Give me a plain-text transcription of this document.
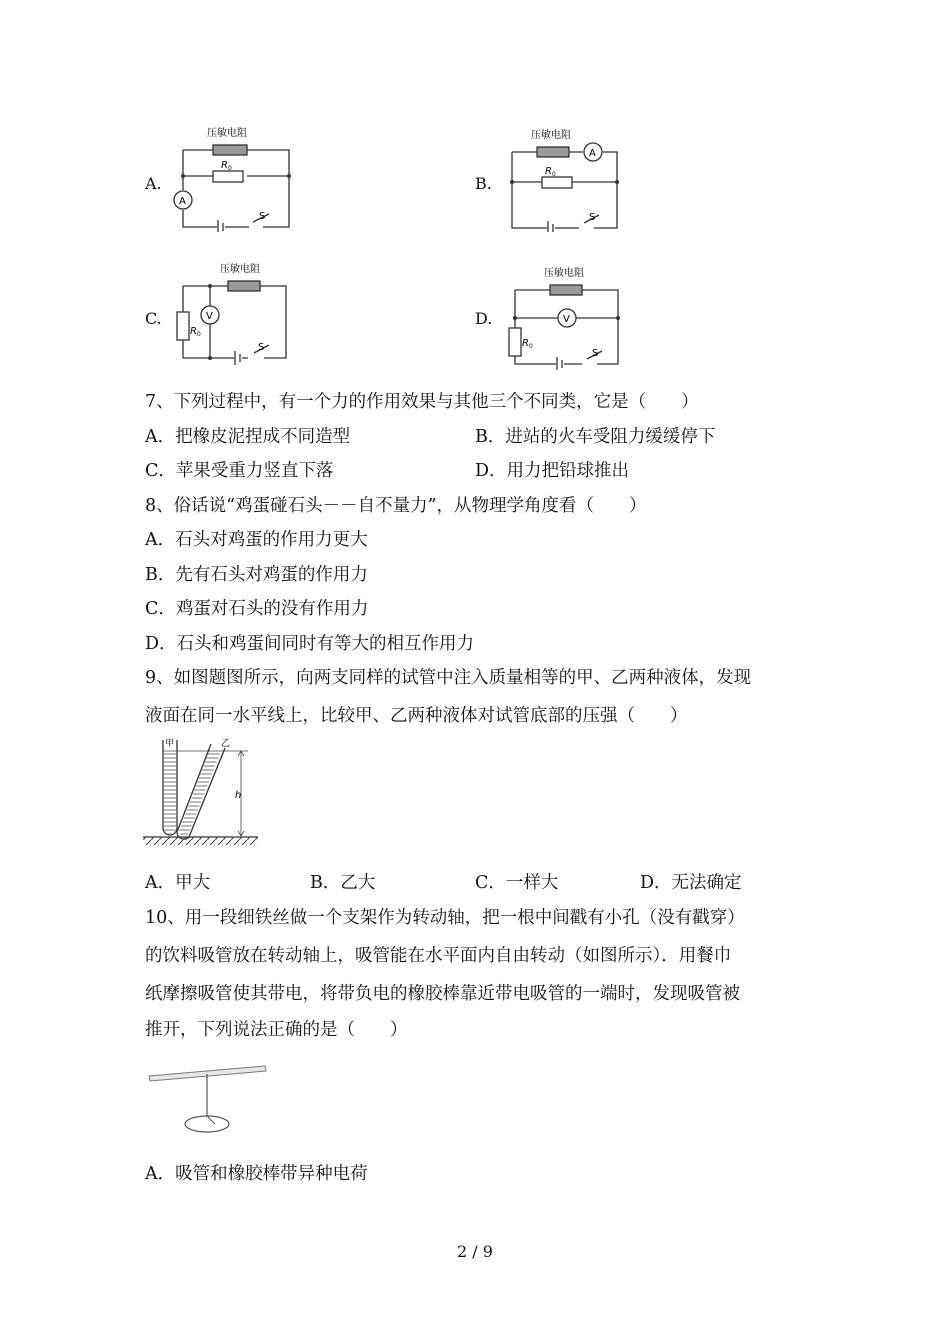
A.	B.
C.	D.
压敏电阻
R 0
A
S
压敏电阻
R 0
A
S
压敏电阻
R 0
V
S
压敏电阻
R 0
V
S
7、下列过程中，有一个力的作用效果与其他三个不同类，它是（　　）
A．把橡皮泥捏成不同造型	B．进站的火车受阻力缓缓停下
C．苹果受重力竖直下落	D．用力把铅球推出
8、俗话说“鸡蛋碰石头－－自不量力”，从物理学角度看（　　）
A．石头对鸡蛋的作用力更大
B．先有石头对鸡蛋的作用力
C．鸡蛋对石头的没有作用力
D．石头和鸡蛋间同时有等大的相互作用力
9、如图题图所示，向两支同样的试管中注入质量相等的甲、乙两种液体，发现
液面在同一水平线上，比较甲、乙两种液体对试管底部的压强（　　）
甲	乙
h
A．甲大	B．乙大	C．一样大	D．无法确定
10、用一段细铁丝做一个支架作为转动轴，把一根中间戳有小孔（没有戳穿）
的饮料吸管放在转动轴上，吸管能在水平面内自由转动（如图所示）．用餐巾
纸摩擦吸管使其带电，将带负电的橡胶棒靠近带电吸管的一端时，发现吸管被
推开，下列说法正确的是（　　）
A．吸管和橡胶棒带异种电荷
2 / 9
